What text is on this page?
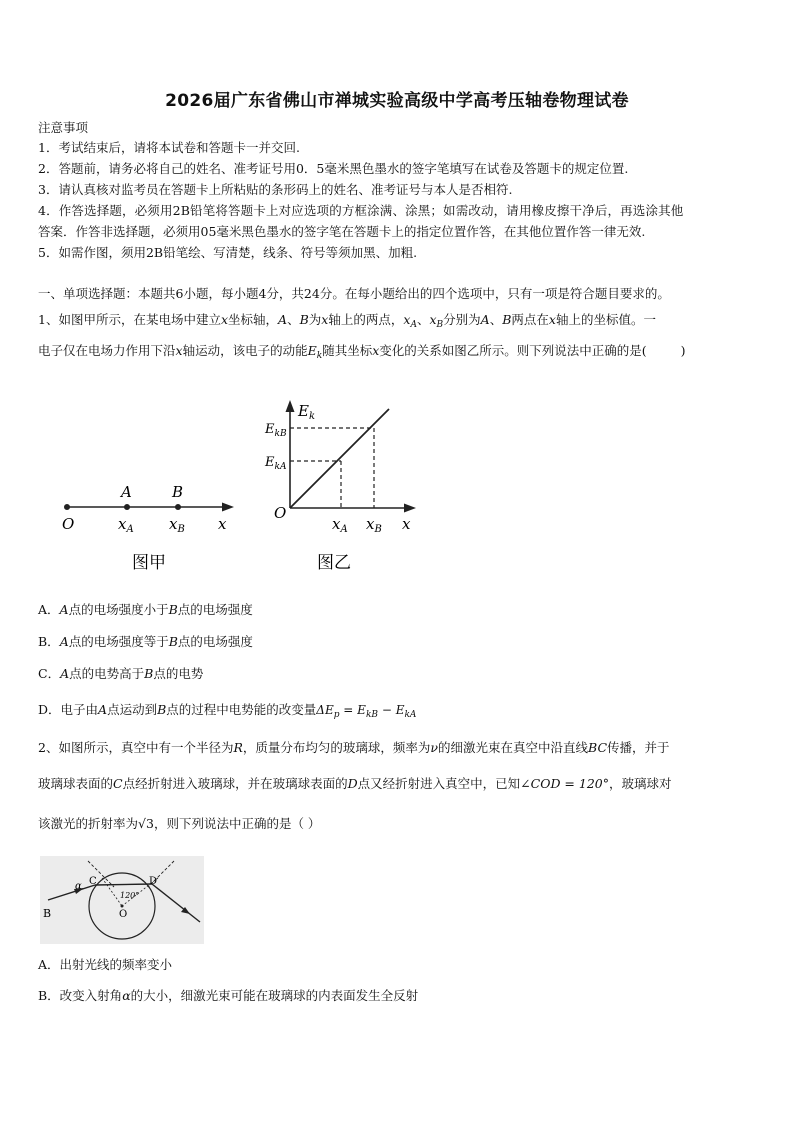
2026届广东省佛山市禅城实验高级中学高考压轴卷物理试卷
注意事项
1．考试结束后，请将本试卷和答题卡一并交回.
2．答题前，请务必将自己的姓名、准考证号用0．5毫米黑色墨水的签字笔填写在试卷及答题卡的规定位置.
3．请认真核对监考员在答题卡上所粘贴的条形码上的姓名、准考证号与本人是否相符.
4．作答选择题，必须用2B铅笔将答题卡上对应选项的方框涂满、涂黑；如需改动，请用橡皮擦干净后，再选涂其他
答案．作答非选择题，必须用05毫米黑色墨水的签字笔在答题卡上的指定位置作答，在其他位置作答一律无效.
5．如需作图，须用2B铅笔绘、写清楚，线条、符号等须加黑、加粗.
一、单项选择题：本题共6小题，每小题4分，共24分。在每小题给出的四个选项中，只有一项是符合题目要求的。
1、如图甲所示，在某电场中建立x坐标轴，A、B为x轴上的两点，$x_A$、$x_B$分别为A、B两点在x轴上的坐标值。一
电子仅在电场力作用下沿x轴运动，该电子的动能$E_k$随其坐标x变化的关系如图乙所示。则下列说法中正确的是(	)
A	B
O	$x_A$ $x_B$ x
图甲
$E_k$
$E_{kB}$
$E_{kA}$
O
$x_A$ $x_B$ x
图乙
A．A点的电场强度小于B点的电场强度
B．A点的电场强度等于B点的电场强度
C．A点的电势高于B点的电势
D．电子由A点运动到B点的过程中电势能的改变量$\Delta E_p = E_{kB} - E_{kA}$
2、如图所示，真空中有一个半径为R，质量分布均匀的玻璃球，频率为ν的细激光束在真空中沿直线BC传播，并于
玻璃球表面的C点经折射进入玻璃球，并在玻璃球表面的D点又经折射进入真空中，已知∠COD = 120°，玻璃球对
该激光的折射率为√3，则下列说法中正确的是（ ）
α C	D
120°
O
B
A．出射光线的频率变小
B．改变入射角α的大小，细激光束可能在玻璃球的内表面发生全反射
